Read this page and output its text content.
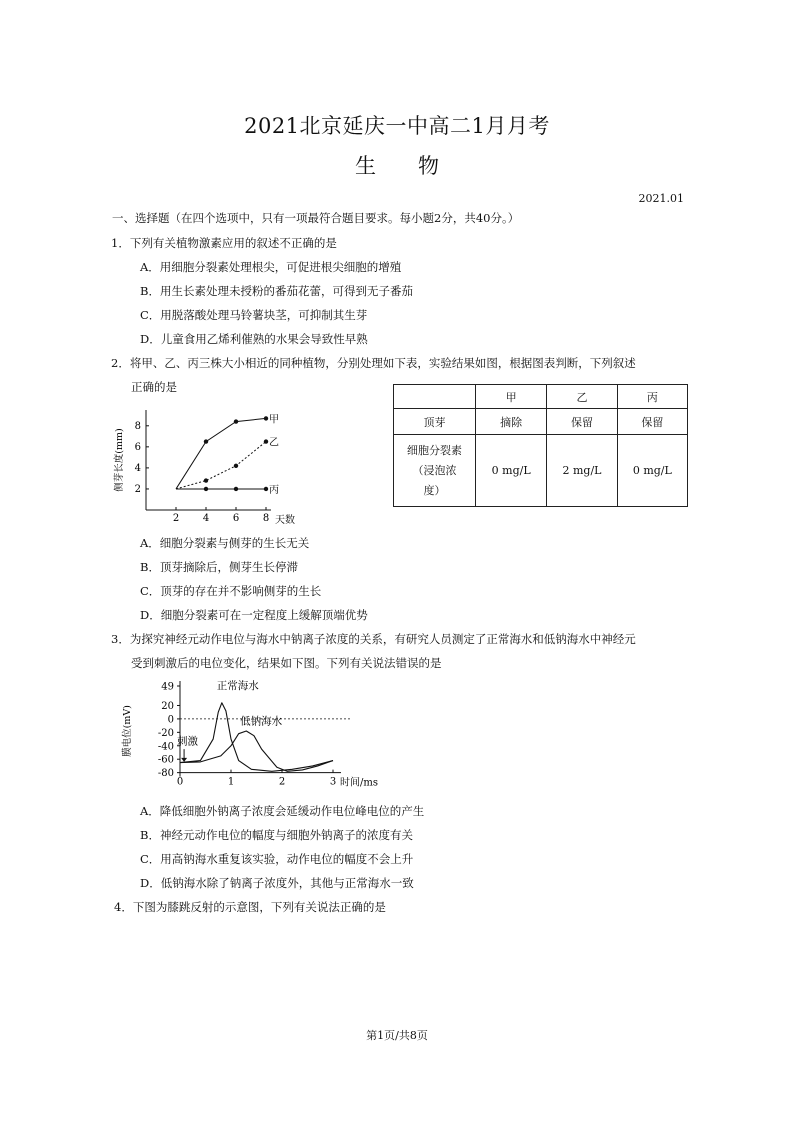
2021北京延庆一中高二1月月考
生　　物
2021.01
一、选择题（在四个选项中，只有一项最符合题目要求。每小题2分，共40分。）
1．下列有关植物激素应用的叙述不正确的是
A．用细胞分裂素处理根尖，可促进根尖细胞的增殖
B．用生长素处理未授粉的番茄花蕾，可得到无子番茄
C．用脱落酸处理马铃薯块茎，可抑制其生芽
D．儿童食用乙烯利催熟的水果会导致性早熟
2．将甲、乙、丙三株大小相近的同种植物，分别处理如下表，实验结果如图，根据图表判断，下列叙述
正确的是
2 4 6 8
2
4
6
8
天数
侧芽长度(mm)
甲
乙
丙
	甲	乙	丙
顶芽	摘除	保留	保留

细胞分裂素
（浸泡浓
度）	0 mg/L	2 mg/L	0 mg/L
A．细胞分裂素与侧芽的生长无关
B．顶芽摘除后，侧芽生长停滞
C．顶芽的存在并不影响侧芽的生长
D．细胞分裂素可在一定程度上缓解顶端优势
3．为探究神经元动作电位与海水中钠离子浓度的关系，有研究人员测定了正常海水和低钠海水中神经元
受到刺激后的电位变化，结果如下图。下列有关说法错误的是
0	1	2	3
49
20
0
-20
-40
-60
-80
时间/ms
膜电位(mV)
正常海水
低钠海水
刺激
A．降低细胞外钠离子浓度会延缓动作电位峰电位的产生
B．神经元动作电位的幅度与细胞外钠离子的浓度有关
C．用高钠海水重复该实验，动作电位的幅度不会上升
D．低钠海水除了钠离子浓度外，其他与正常海水一致
4．下图为膝跳反射的示意图，下列有关说法正确的是
第1页/共8页
